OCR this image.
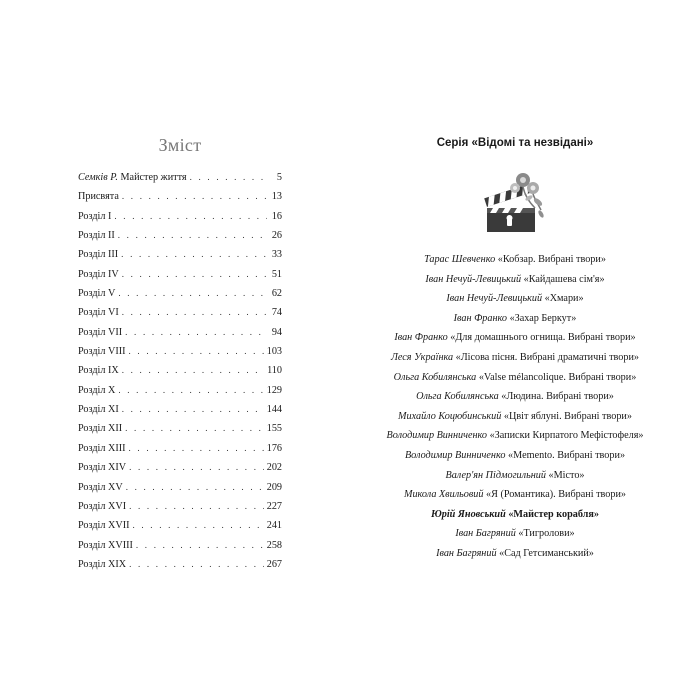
Зміст
Семків Р. Майстер життя . . .	5
Присвята . . .	13
Розділ I . . .	16
Розділ II . . .	26
Розділ III . . .	33
Розділ IV . . .	51
Розділ V . . .	62
Розділ VI . . .	74
Розділ VII . . .	94
Розділ VIII . . .	103
Розділ IX . . .	110
Розділ X . . .	129
Розділ XI . . .	144
Розділ XII . . .	155
Розділ XIII . . .	176
Розділ XIV . . .	202
Розділ XV . . .	209
Розділ XVI . . .	227
Розділ XVII . . .	241
Розділ XVIII . . .	258
Розділ XIX . . .	267
Серія «Відомі та незвідані»
Тарас Шевченко «Кобзар. Вибрані твори»
Іван Нечуй-Левицький «Кайдашева сім'я»
Іван Нечуй-Левицький «Хмари»
Іван Франко «Захар Беркут»
Іван Франко «Для домашнього огнища. Вибрані твори»
Леся Українка «Лісова пісня. Вибрані драматичні твори»
Ольга Кобилянська «Valse mélancolique. Вибрані твори»
Ольга Кобилянська «Людина. Вибрані твори»
Михайло Коцюбинський «Цвіт яблуні. Вибрані твори»
Володимир Винниченко «Записки Кирпатого Мефістофеля»
Володимир Винниченко «Memento. Вибрані твори»
Валер'ян Підмогильний «Місто»
Микола Хвильовий «Я (Романтика). Вибрані твори»
Юрій Яновський «Майстер корабля»
Іван Багряний «Тигролови»
Іван Багряний «Сад Гетсиманський»
